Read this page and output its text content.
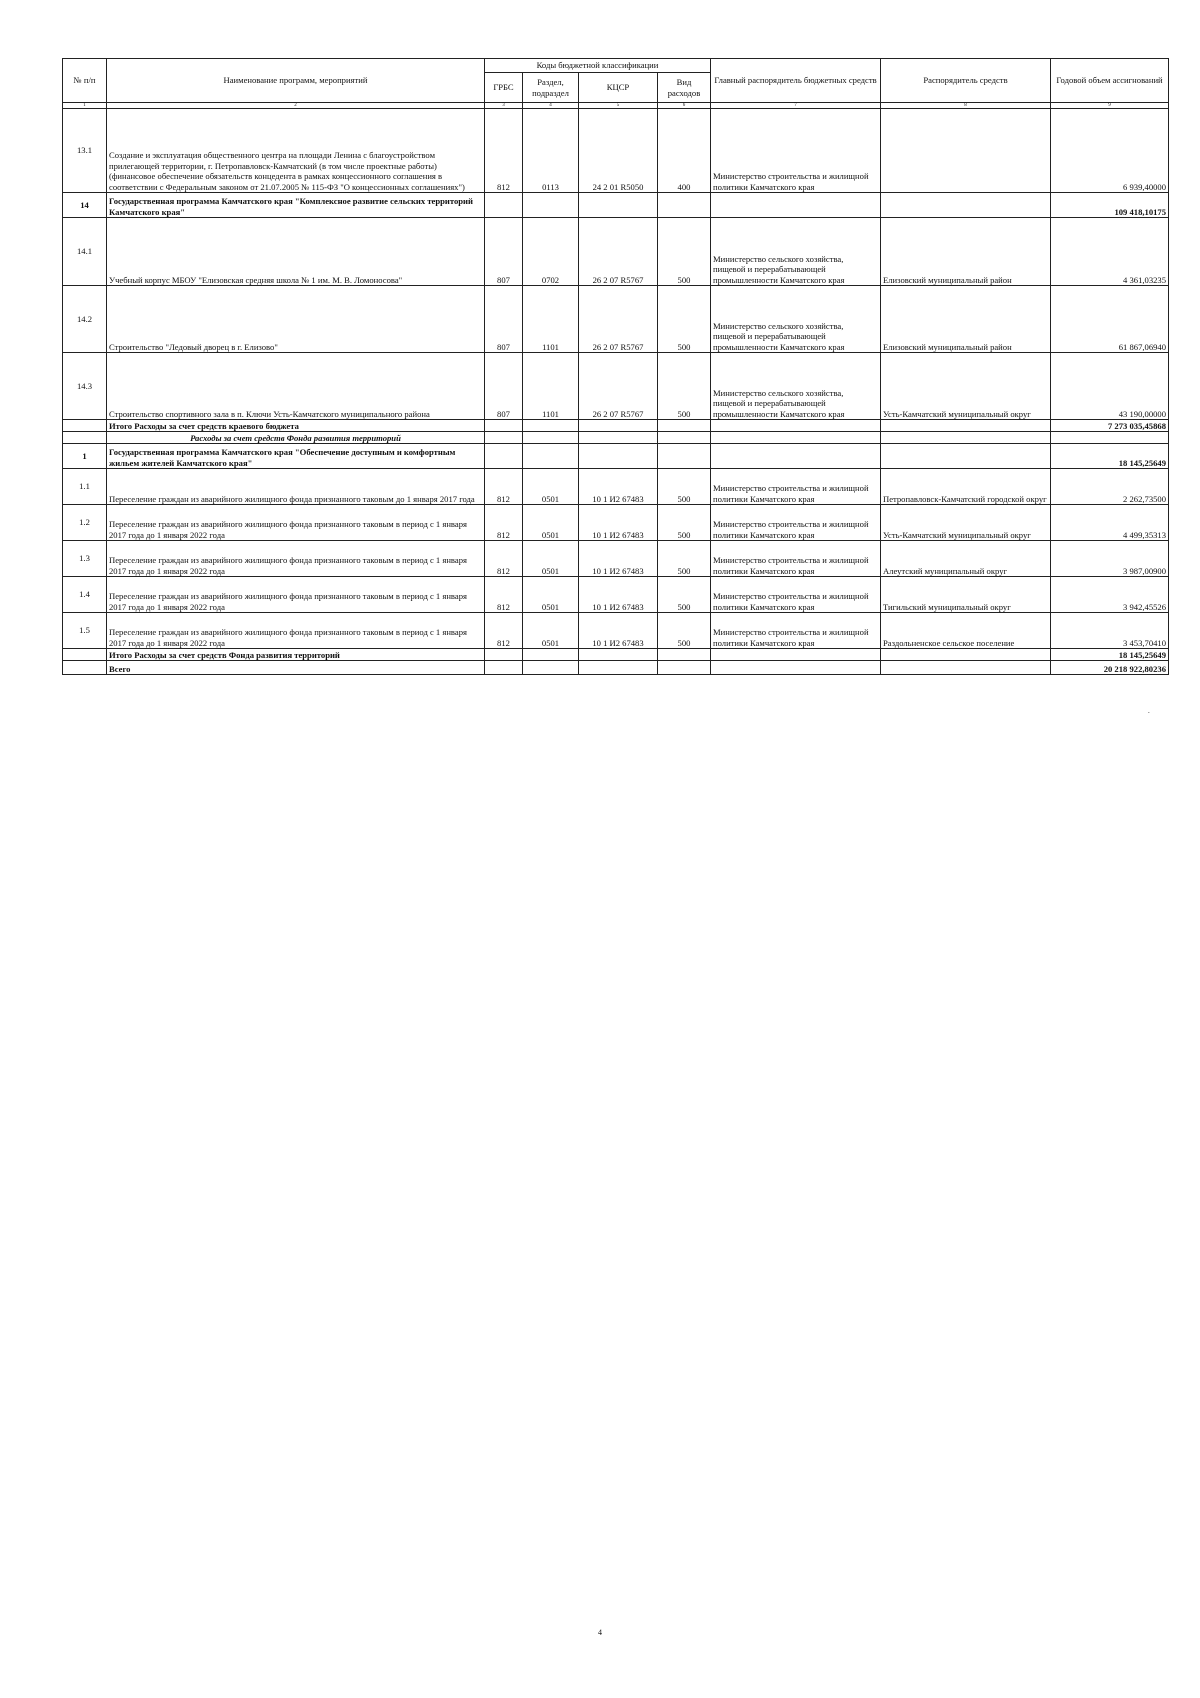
№ п/п	Наименование программ, мероприятий	Коды бюджетной классификации				Главный распорядитель бюджетных средств	Распорядитель средств	Годовой объем ассигнований
		ГРБС	Раздел, подраздел	КЦСР	Вид расходов			
1	2	3	4	5	6	7	8	9
13.1	Создание и эксплуатация общественного центра на площади Ленина с благоустройством прилегающей территории, г. Петропавловск-Камчатский (в том числе проектные работы) (финансовое обеспечение обязательств концедента в рамках концессионного соглашения в соответствии с Федеральным законом от 21.07.2005 № 115-ФЗ "О концессионных соглашениях")	812	0113	24 2 01 R5050	400	Министерство строительства и жилищной политики Камчатского края		6 939,40000
14	Государственная программа Камчатского края "Комплексное развитие сельских территорий Камчатского края"							109 418,10175
14.1	Учебный корпус МБОУ "Елизовская средняя школа № 1 им. М. В. Ломоносова"	807	0702	26 2 07 R5767	500	Министерство сельского хозяйства, пищевой и перерабатывающей промышленности Камчатского края	Елизовский муниципальный район	4 361,03235
14.2	Строительство "Ледовый дворец в г. Елизово"	807	1101	26 2 07 R5767	500	Министерство сельского хозяйства, пищевой и перерабатывающей промышленности Камчатского края	Елизовский муниципальный район	61 867,06940
14.3	Строительство спортивного зала в п. Ключи Усть-Камчатского муниципального района	807	1101	26 2 07 R5767	500	Министерство сельского хозяйства, пищевой и перерабатывающей промышленности Камчатского края	Усть-Камчатский муниципальный округ	43 190,00000
	Итого Расходы за счет средств краевого бюджета							7 273 035,45868
	Расходы за счет средств Фонда развития территорий							
1	Государственная программа Камчатского края "Обеспечение доступным и комфортным жильем жителей Камчатского края"							18 145,25649
1.1	Переселение граждан из аварийного жилищного фонда признанного таковым до 1 января 2017 года	812	0501	10 1 И2 67483	500	Министерство строительства и жилищной политики Камчатского края	Петропавловск-Камчатский городской округ	2 262,73500
1.2	Переселение граждан из аварийного жилищного фонда признанного таковым в период с 1 января 2017 года до 1 января 2022 года	812	0501	10 1 И2 67483	500	Министерство строительства и жилищной политики Камчатского края	Усть-Камчатский муниципальный округ	4 499,35313
1.3	Переселение граждан из аварийного жилищного фонда признанного таковым в период с 1 января 2017 года до 1 января 2022 года	812	0501	10 1 И2 67483	500	Министерство строительства и жилищной политики Камчатского края	Алеутский муниципальный округ	3 987,00900
1.4	Переселение граждан из аварийного жилищного фонда признанного таковым в период с 1 января 2017 года до 1 января 2022 года	812	0501	10 1 И2 67483	500	Министерство строительства и жилищной политики Камчатского края	Тигильский муниципальный округ	3 942,45526
1.5	Переселение граждан из аварийного жилищного фонда признанного таковым в период с 1 января 2017 года до 1 января 2022 года	812	0501	10 1 И2 67483	500	Министерство строительства и жилищной политики Камчатского края	Раздольненское сельское поселение	3 453,70410
	Итого Расходы за счет средств Фонда развития территорий							18 145,25649
	Всего							20 218 922,80236
4
.
